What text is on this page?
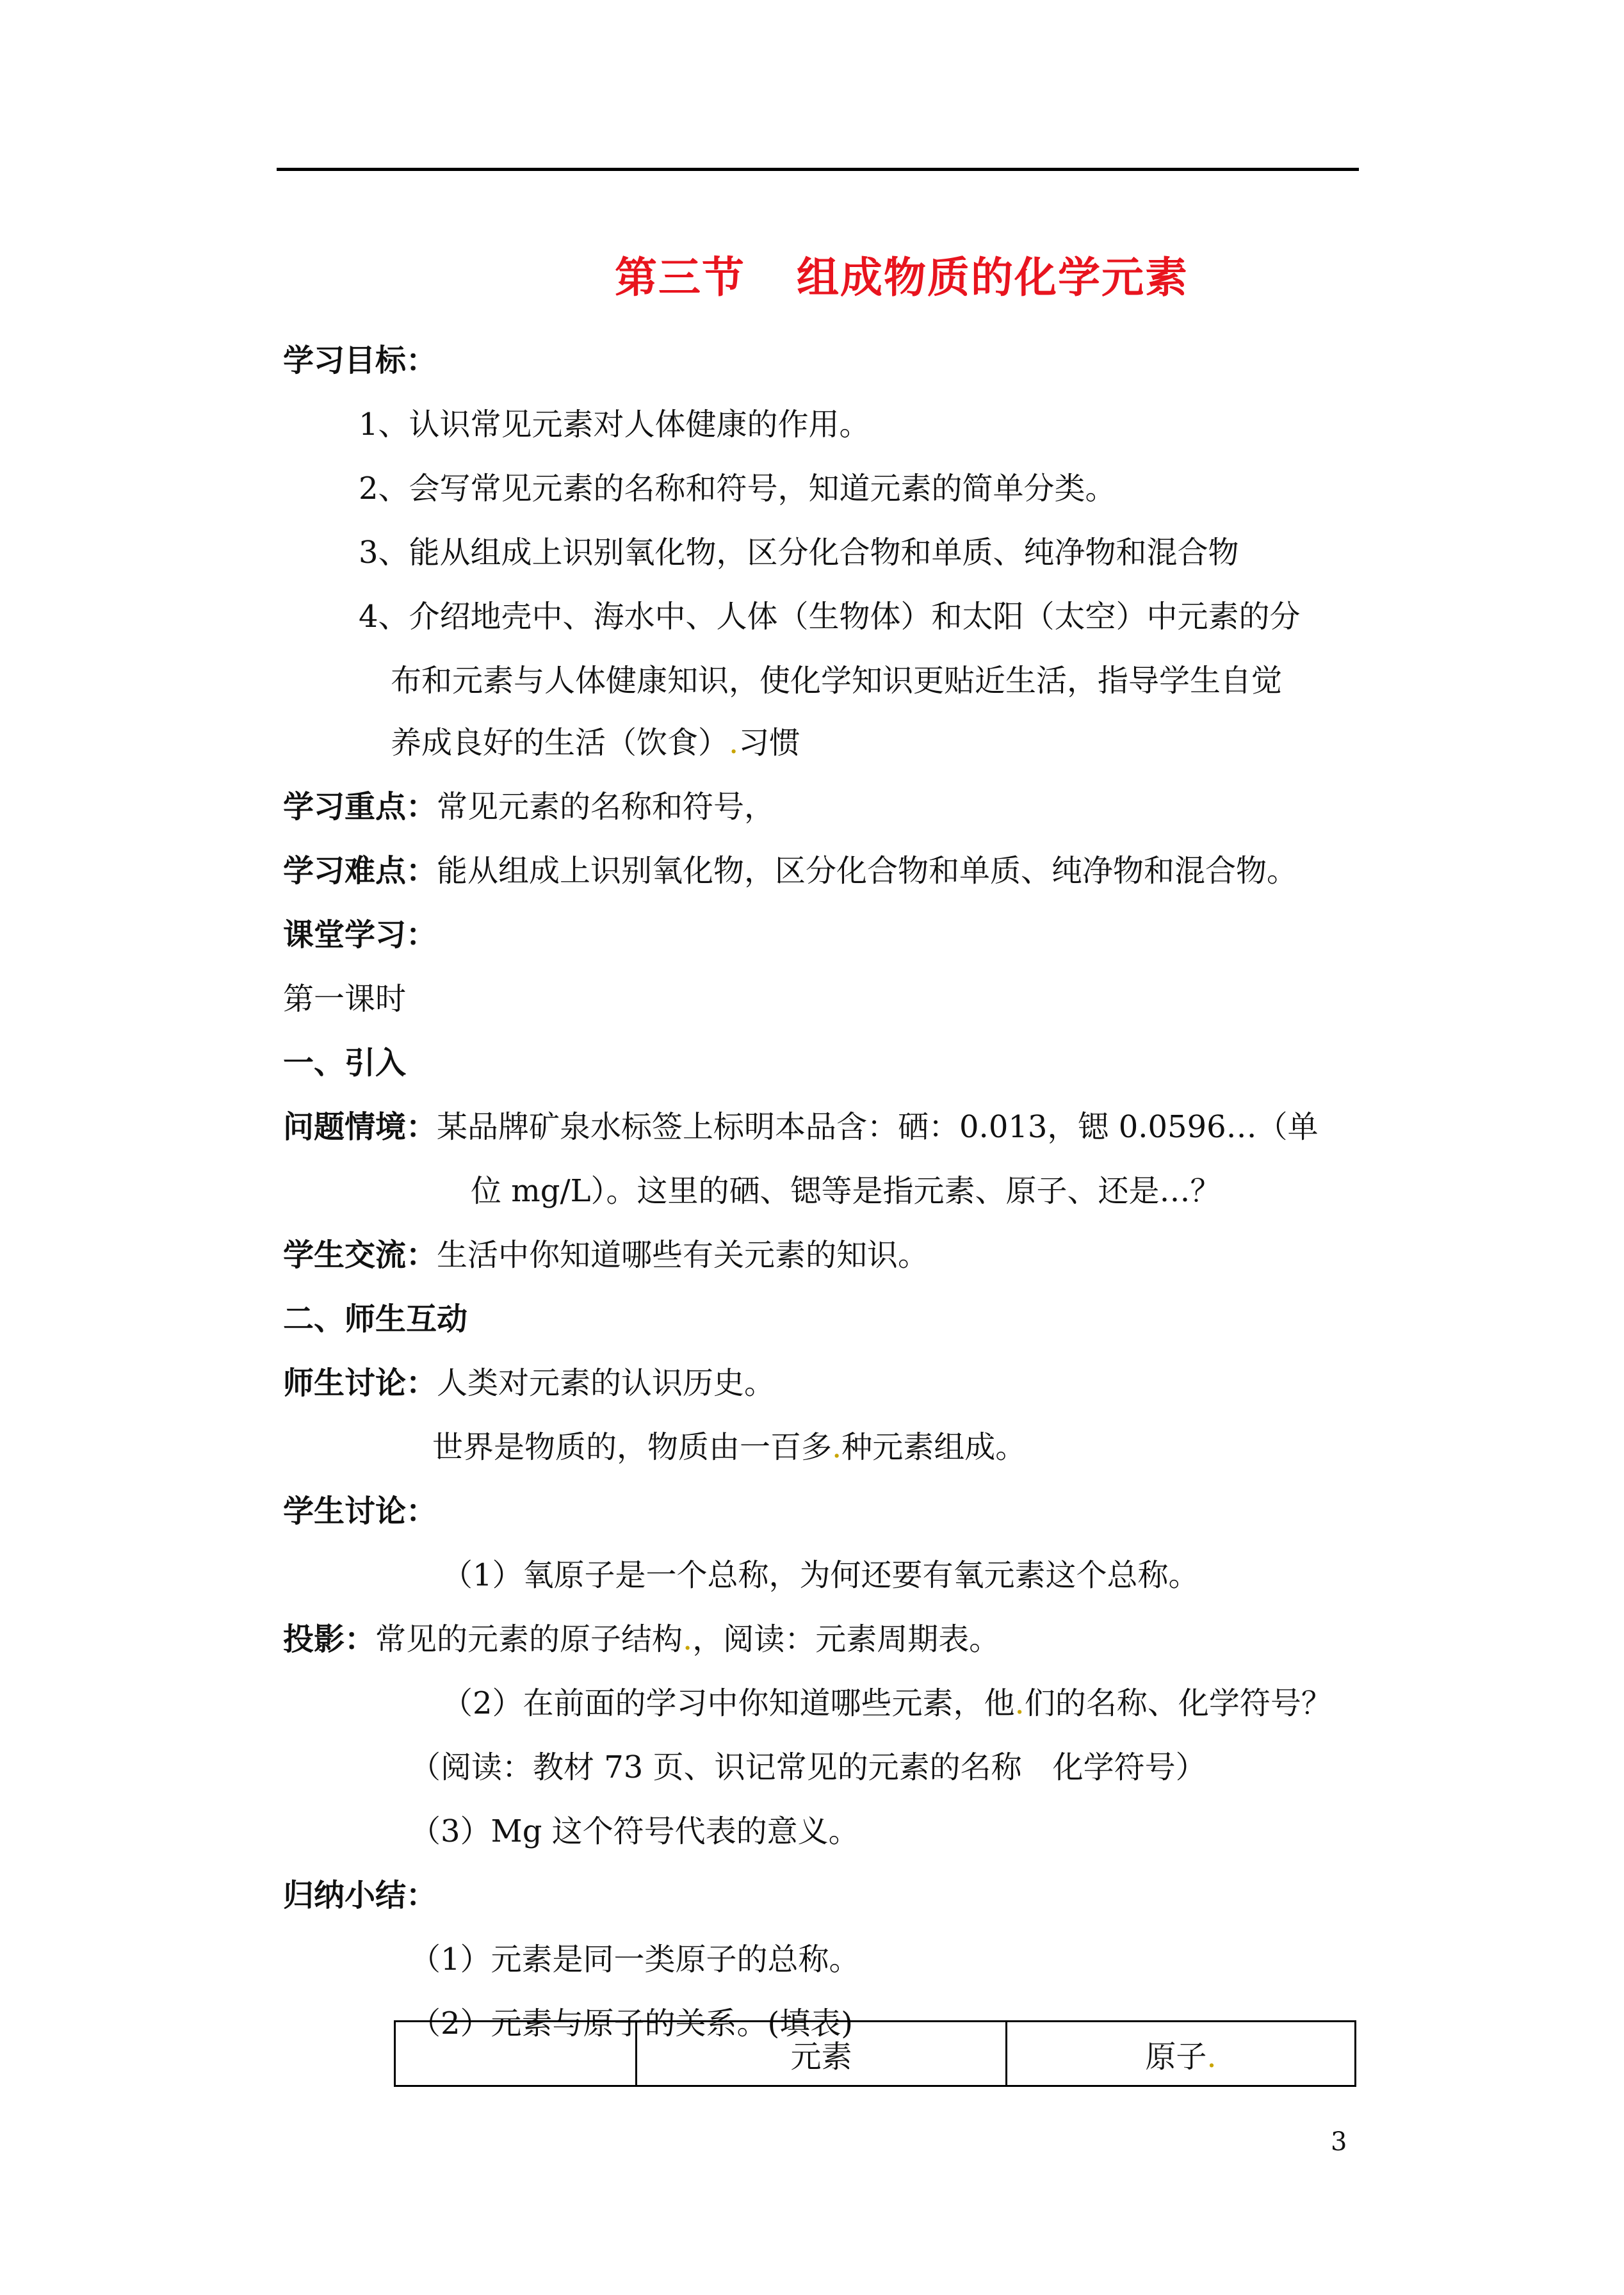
第三节 组成物质的化学元素
学习目标：
1、认识常见元素对人体健康的作用。
2、会写常见元素的名称和符号，知道元素的简单分类。
3、能从组成上识别氧化物，区分化合物和单质、纯净物和混合物
4、介绍地壳中、海水中、人体（生物体）和太阳（太空）中元素的分
布和元素与人体健康知识，使化学知识更贴近生活，指导学生自觉
养成良好的生活（饮食）.习惯
学习重点：常见元素的名称和符号，
学习难点：能从组成上识别氧化物，区分化合物和单质、纯净物和混合物。
课堂学习：
第一课时
一、引入
问题情境：某品牌矿泉水标签上标明本品含：硒：0.013，锶 0.0596…（单
位 mg/L）。这里的硒、锶等是指元素、原子、还是…？
学生交流：生活中你知道哪些有关元素的知识。
二、师生互动
师生讨论：人类对元素的认识历史。
世界是物质的，物质由一百多.种元素组成。
学生讨论：
（1）氧原子是一个总称，为何还要有氧元素这个总称。
投影：常见的元素的原子结构.，阅读：元素周期表。
（2）在前面的学习中你知道哪些元素，他.们的名称、化学符号？
（阅读：教材 73 页、识记常见的元素的名称　化学符号）
（3）Mg 这个符号代表的意义。
归纳小结：
（1）元素是同一类原子的总称。
（2）元素与原子的关系。(填表)
	元素	原子.
3
